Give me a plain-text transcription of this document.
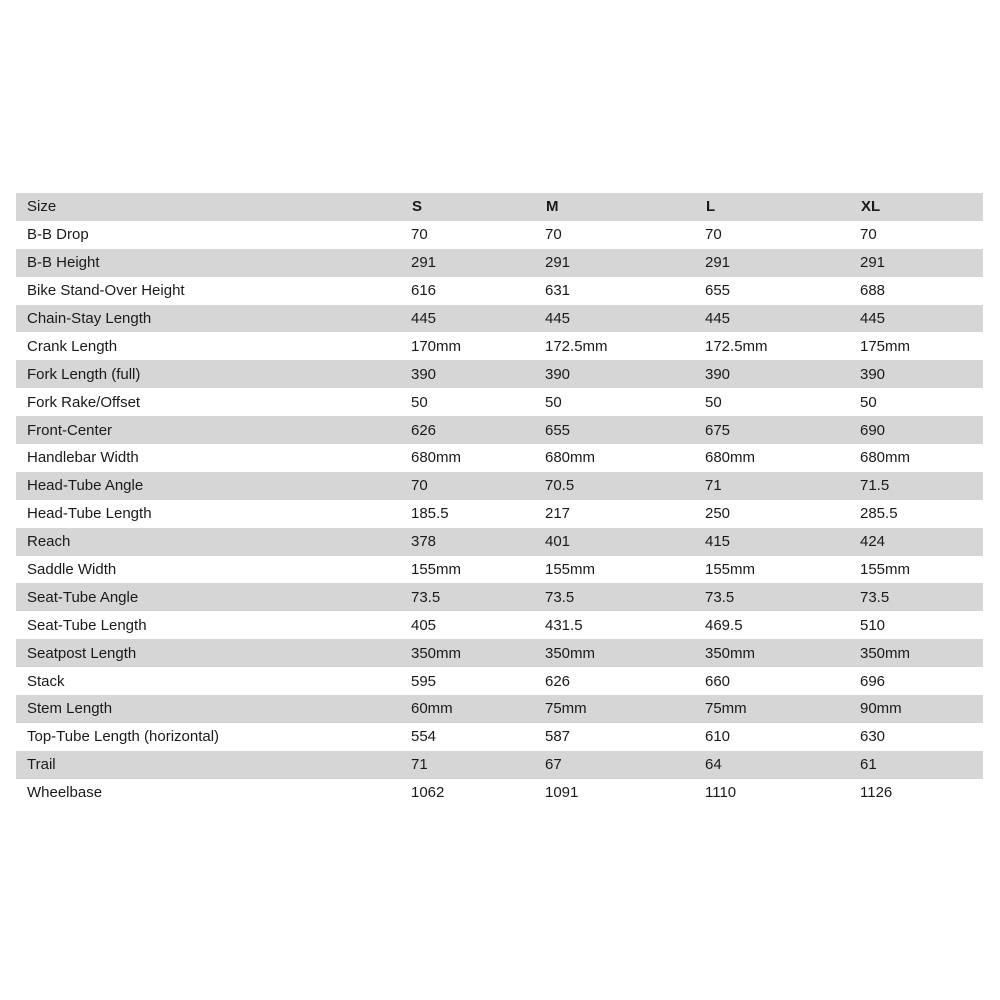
Size	S	M	L	XL
B-B Drop	70	70	70	70
B-B Height	291	291	291	291
Bike Stand-Over Height	616	631	655	688
Chain-Stay Length	445	445	445	445
Crank Length	170mm	172.5mm	172.5mm	175mm
Fork Length (full)	390	390	390	390
Fork Rake/Offset	50	50	50	50
Front-Center	626	655	675	690
Handlebar Width	680mm	680mm	680mm	680mm
Head-Tube Angle	70	70.5	71	71.5
Head-Tube Length	185.5	217	250	285.5
Reach	378	401	415	424
Saddle Width	155mm	155mm	155mm	155mm
Seat-Tube Angle	73.5	73.5	73.5	73.5
Seat-Tube Length	405	431.5	469.5	510
Seatpost Length	350mm	350mm	350mm	350mm
Stack	595	626	660	696
Stem Length	60mm	75mm	75mm	90mm
Top-Tube Length (horizontal)	554	587	610	630
Trail	71	67	64	61
Wheelbase	1062	1091	1110	1126
